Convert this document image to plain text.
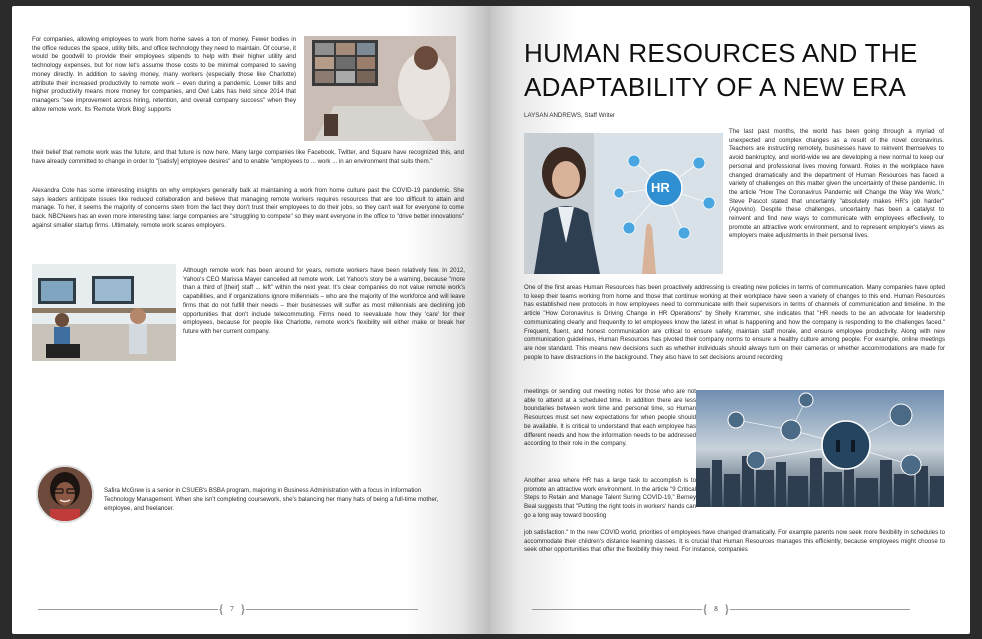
For companies, allowing employees to work from home saves a ton of money. Fewer bodies in the office reduces the space, utility bills, and office technology they need to maintain. Of course, it would be goodwill to provide their employees stipends to help with their higher utility and technology expenses, but for now let's assume those costs to be minimal compared to saving money directly. In addition to saving money, many workers (especially those like Charlotte) attribute their increased productivity to remote work – even during a pandemic. Lower bills and higher productivity means more money for companies, and Owl Labs has held since 2014 that managers "see improvement across hiring, retention, and overall company success" when they allow remote work. Its 'Remote Work Blog' supports

their belief that remote work was the future, and that future is now here. Many large companies like Facebook, Twitter, and Square have recognized this, and have already committed to change in order to "[satisfy] employee desires" and to enable "employees to ... work ... in an environment that suits them."

Alexandra Cote has some interesting insights on why employers generally balk at maintaining a work from home culture past the COVID-19 pandemic. She says leaders anticipate issues like reduced collaboration and believe that managing remote workers requires resources that are too difficult to attain and manage. To her, it seems the majority of concerns stem from the fact they don't trust their employees to do their jobs, so they can't wait for everyone to come back. NBCNews has an even more interesting take: large companies are "struggling to compete" so they want everyone in the office to "drive better innovations" against smaller startup firms. Ultimately, remote work scares employers.

Although remote work has been around for years, remote workers have been relatively few. In 2012, Yahoo's CEO Marissa Mayer cancelled all remote work. Let Yahoo's story be a warning, because "more than a third of [their] staff ... left" within the next year. It's clear companies do not value remote work's capabilities, and if organizations ignore millennials – who are the majority of the workforce and will leave firms that do not fulfill their needs – their businesses will suffer as most millennials are declining job opportunities that don't include telecommuting. Firms need to reevaluate how they 'care' for their employees, because for people like Charlotte, remote work's flexibility will either make or break her future with her current company.

Safira McGrew is a senior in CSUEB's BSBA program, majoring in Business Administration with a focus in Information Technology Management. When she isn't completing coursework, she's balancing her many hats of being a full-time mother, employee, and freelancer.

{ 7 }
HUMAN RESOURCES AND THE ADAPTABILITY OF A NEW ERA
LAYSAN ANDREWS, Staff Writer
HR

The last past months, the world has been going through a myriad of unexpected and complex changes as a result of the novel coronavirus. Teachers are instructing remotely, businesses have to reinvent themselves to avoid bankruptcy, and world-wide we are developing a new normal to keep our personal and professional lives moving forward. Roles in the workplace have changed dramatically and the department of Human Resources has faced a variety of challenges on this matter given the uncertainty of these pandemic. In the article "How The Coronavirus Pandemic will Change the Way We Work," Steve Pascot stated that uncertainty "absolutely makes HR's job harder" (Agovino). Despite these challenges, uncertainty has been a catalyst to reinvent and find new ways to communicate with employees effectively, to promote an attractive work environment, and to represent employer's views as employers make adjustments in their personal lives.

One of the first areas Human Resources has been proactively addressing is creating new policies in terms of communication. Many companies have opted to keep their teams working from home and those that continue working at their workplace have seen a variety of changes to this end. Human Resources has established new protocols in how employees need to communicate with their supervisors in terms of channels of communication and timeline. In the article "How Coronavirus is Driving Change in HR Operations" by Shelly Krammer, she indicates that "HR needs to be an advocate for leadership communicating clearly and frequently to let employees know the latest in what is happening and how the company is responding to the challenges faced." Frequent, fluent, and honest communication are critical to ensure safety, maintain staff morale, and ensure employee productivity. Along with new communication guidelines, Human Resources has pivoted their company norms to ensure a healthy culture among people. For example, online meetings are now standard. This means new decisions such as whether individuals should always turn on their cameras or whether accommodations are made for people to have distractions in the background. They also have to set decisions around recording

meetings or sending out meeting notes for those who are not able to attend at a scheduled time. In addition there are less boundaries between work time and personal time, so Human Resources must set new expectations for when people should be available. It is critical to understand that each employee has different needs and how the information needs to be addressed according to their role in the company.

Another area where HR has a large task to accomplish is to promote an attractive work environment. In the article "9 Critical Steps to Retain and Manage Talent Suring COVID-19," Berney Beal suggests that "Putting the right tools in workers' hands can go a long way toward boosting

job satisfaction." In the new COVID world, priorities of employees have changed dramatically. For example parents now seek more flexibility in schedules to accommodate their children's distance learning classes. It is crucial that Human Resources manages this efficiently, because employees might choose to seek other opportunities that offer the flexibility they need. For instance, companies

{ 8 }
